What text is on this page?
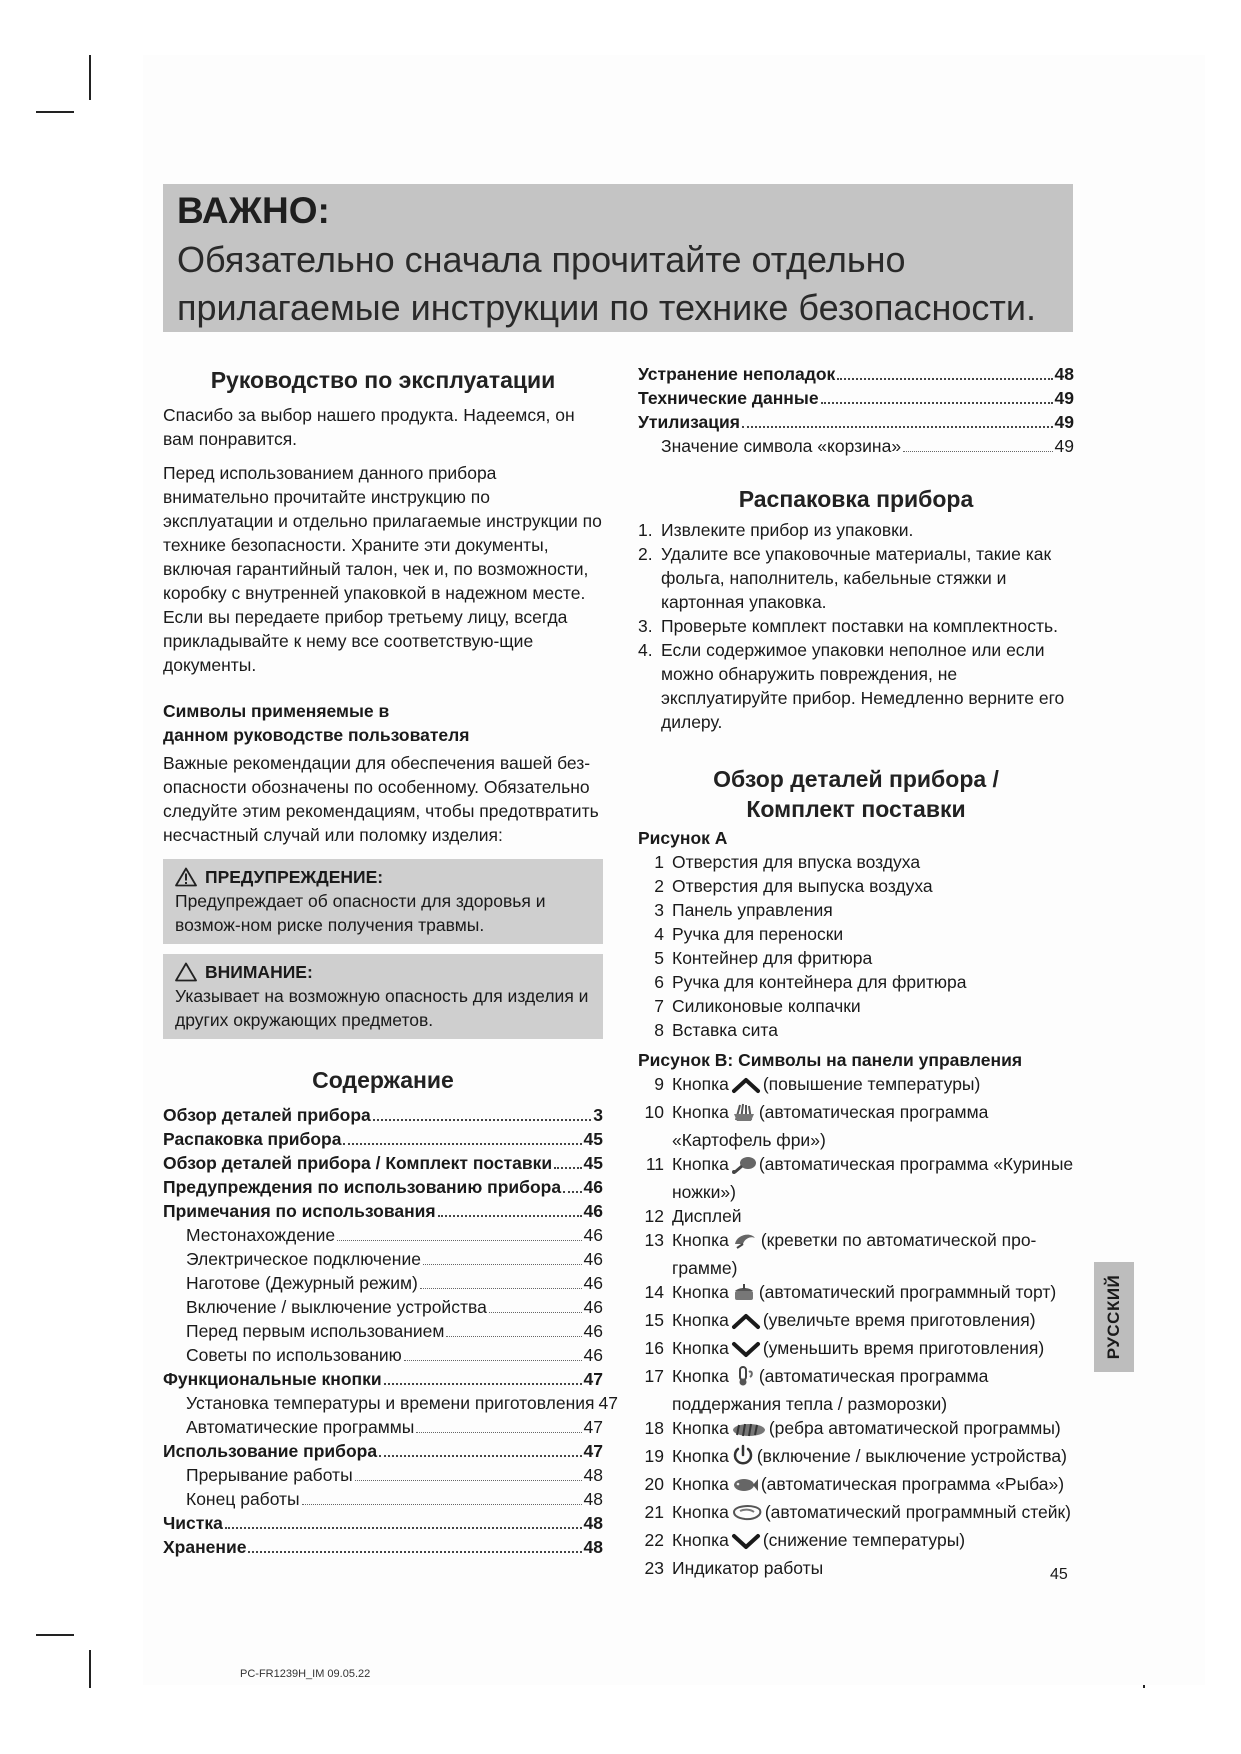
ВАЖНО:
Обязательно сначала прочитайте отдельно прилагаемые инструкции по технике безопасности.
Руководство по эксплуатации

Спасибо за выбор нашего продукта. Надеемся, он вам понравится.

Перед использованием данного прибора внимательно прочитайте инструкцию по эксплуатации и отдельно прилагаемые инструкции по технике безопасности. Храните эти документы, включая гарантийный талон, чек и, по возможности, коробку с внутренней упаковкой в надежном месте. Если вы передаете прибор третьему лицу, всегда прикладывайте к нему все соответствую-щие документы.

Символы применяемые в

данном руководстве пользователя

Важные рекомендации для обеспечения вашей без-опасности обозначены по особенному. Обязательно следуйте этим рекомендациям, чтобы предотвратить несчастный случай или поломку изделия:

ПРЕДУПРЕЖДЕНИЕ:
Предупреждает об опасности для здоровья и возмож-ном риске получения травмы.
ВНИМАНИЕ:
Указывает на возможную опасность для изделия и других окружающих предметов.
Содержание
Обзор деталей прибора	3
Распаковка прибора	45
Обзор деталей прибора / Комплект поставки 45
Предупреждения по использованию прибора 46
Примечания по использования	46
Местонахождение	46
Электрическое подключение	46
Наготове (Дежурный режим)	46
Включение / выключение устройства	46
Перед первым использованием	46
Советы по использованию	46
Функциональные кнопки	47
Установка температуры и времени приготовления 47
Автоматические программы	47
Использование прибора	47
Прерывание работы	48
Конец работы	48
Чистка	48
Хранение	48
Устранение неполадок	48
Технические данные	49
Утилизация	49
Значение символа «корзина»	49
Распаковка прибора
1. Извлеките прибор из упаковки.
2. Удалите все упаковочные материалы, такие как фольга, наполнитель, кабельные стяжки и картонная упаковка.
3. Проверьте комплект поставки на комплектность.
4. Если содержимое упаковки неполное или если можно обнаружить повреждения, не эксплуатируйте прибор. Немедленно верните его дилеру.
Обзор деталей прибора /
Комплект поставки

Рисунок A

1 Отверстия для впуска воздуха
2 Отверстия для выпуска воздуха
3 Панель управления
4 Ручка для переноски
5 Контейнер для фритюра
6 Ручка для контейнера для фритюра
7 Силиконовые колпачки
8 Вставка сита

Рисунок B: Символы на панели управления

9 Кнопка (повышение температуры)
10 Кнопка (автоматическая программа «Картофель фри»)
11 Кнопка (автоматическая программа «Куриные ножки»)
12 Дисплей
13 Кнопка (креветки по автоматической про-грамме)
14 Кнопка (автоматический программный торт)
15 Кнопка (увеличьте время приготовления)
16 Кнопка (уменьшить время приготовления)
17 Кнопка (автоматическая программа поддержания тепла / разморозки)
18 Кнопка (ребра автоматической программы)
19 Кнопка (включение / выключение устройства)
20 Кнопка (автоматическая программа «Рыба»)
21 Кнопка (автоматический программный стейк)
22 Кнопка (снижение температуры)
23 Индикатор работы
РУССКИЙ
45
PC-FR1239H_IM 09.05.22
